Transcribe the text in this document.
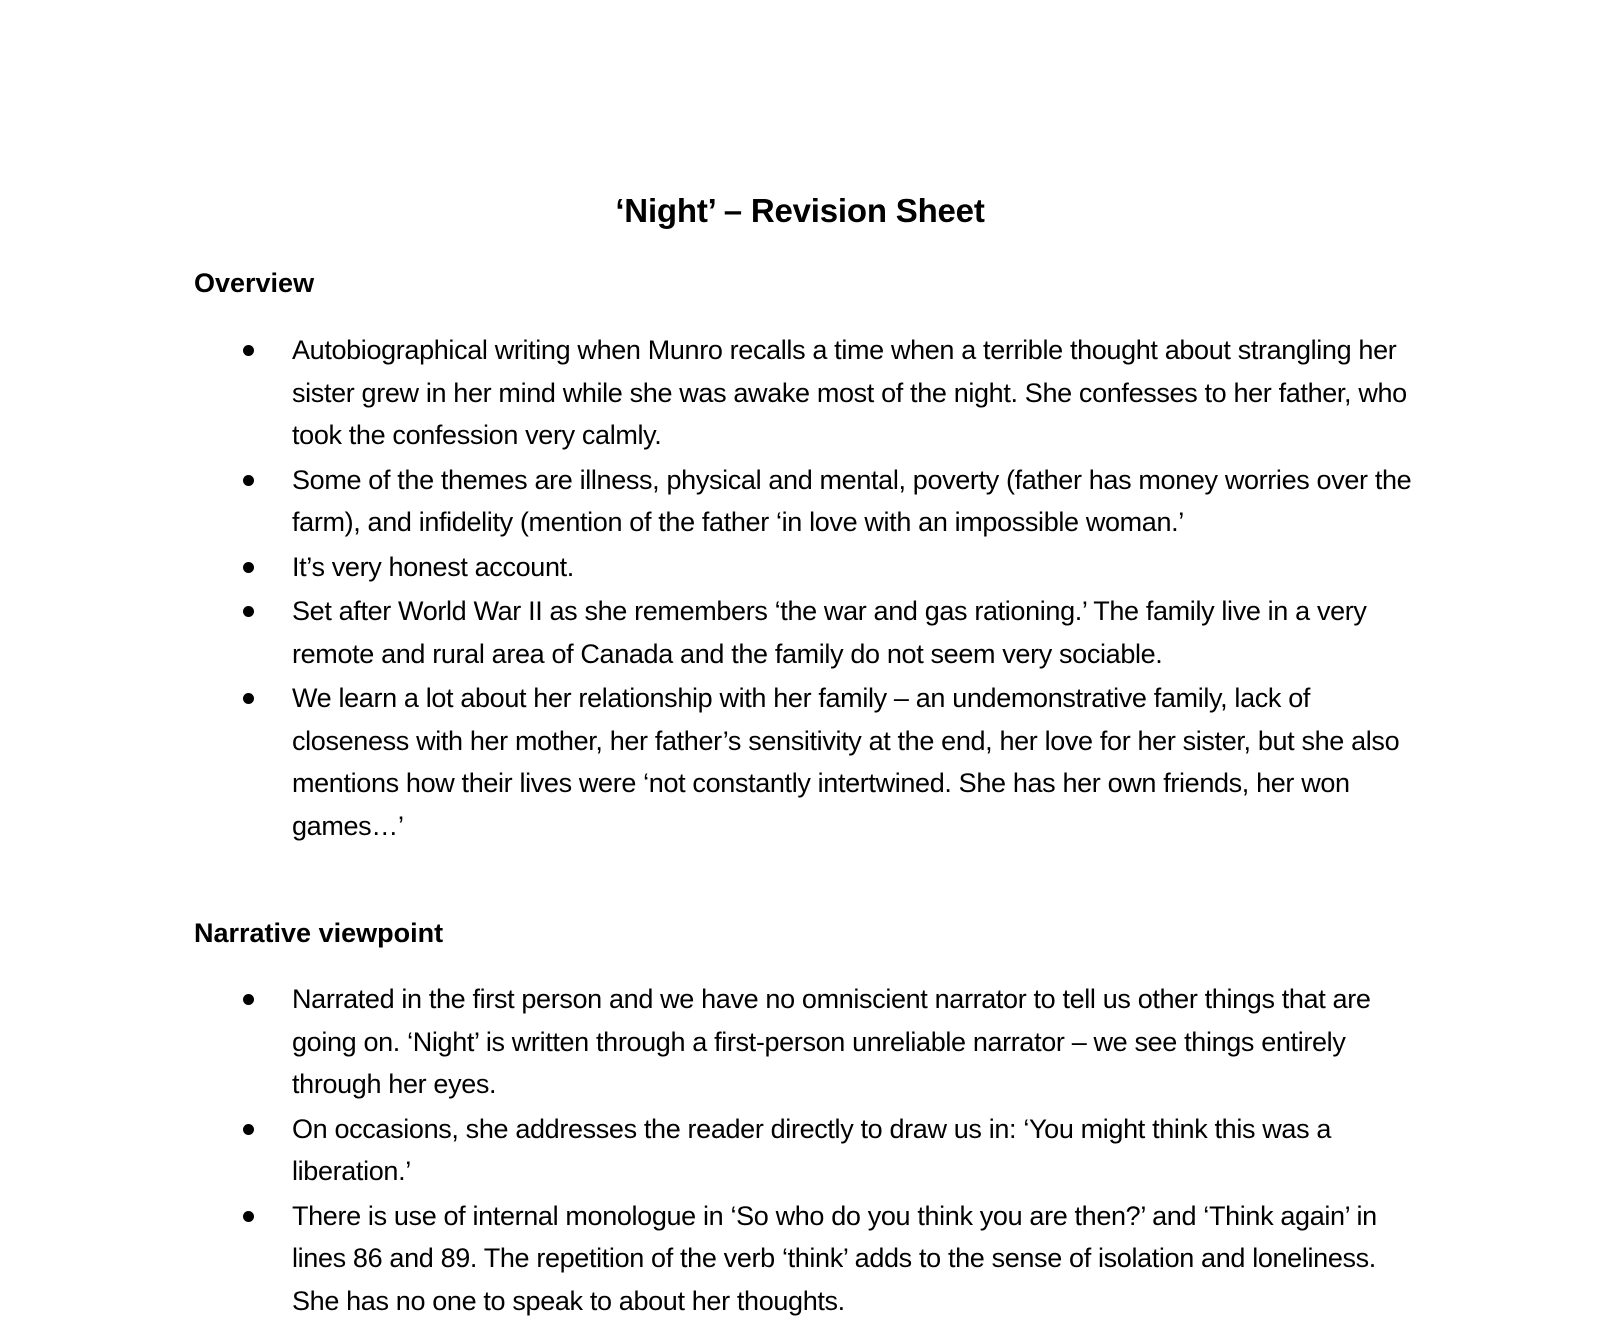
‘Night’ – Revision Sheet
Overview
Autobiographical writing when Munro recalls a time when a terrible thought about strangling her sister grew in her mind while she was awake most of the night. She confesses to her father, who took the confession very calmly.
Some of the themes are illness, physical and mental, poverty (father has money worries over the farm), and infidelity (mention of the father ‘in love with an impossible woman.’
It’s very honest account.
Set after World War II as she remembers ‘the war and gas rationing.’ The family live in a very remote and rural area of Canada and the family do not seem very sociable.
We learn a lot about her relationship with her family – an undemonstrative family, lack of closeness with her mother, her father’s sensitivity at the end, her love for her sister, but she also mentions how their lives were ‘not constantly intertwined. She has her own friends, her won games…’
Narrative viewpoint
Narrated in the first person and we have no omniscient narrator to tell us other things that are going on. ‘Night’ is written through a first-person unreliable narrator – we see things entirely through her eyes.
On occasions, she addresses the reader directly to draw us in: ‘You might think this was a liberation.’
There is use of internal monologue in ‘So who do you think you are then?’ and ‘Think again’ in lines 86 and 89. The repetition of the verb ‘think’ adds to the sense of isolation and loneliness. She has no one to speak to about her thoughts.
